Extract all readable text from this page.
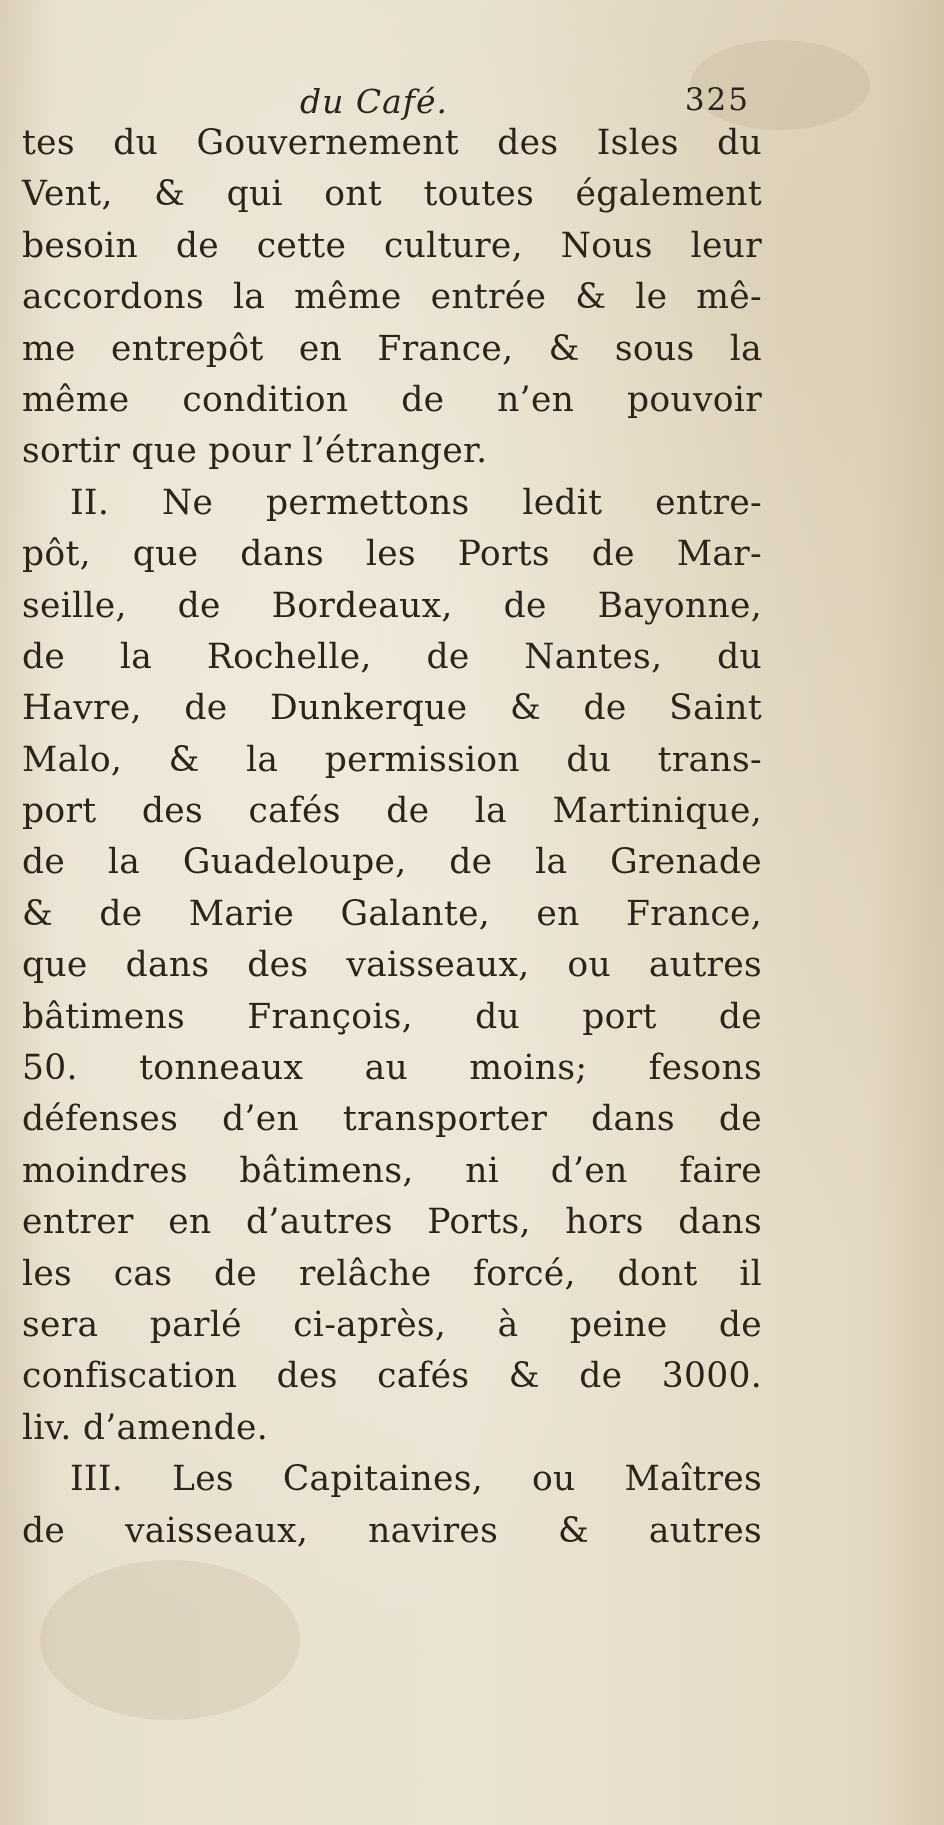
du Café.	325
tes du Gouvernement des Isles du
Vent, & qui ont toutes également
besoin de cette culture, Nous leur
accordons la même entrée & le mê-
me entrepôt en France, & sous la
même condition de n’en pouvoir
sortir que pour l’étranger.
II. Ne permettons ledit entre-
pôt, que dans les Ports de Mar-
seille, de Bordeaux, de Bayonne,
de la Rochelle, de Nantes, du
Havre, de Dunkerque & de Saint
Malo, & la permission du trans-
port des cafés de la Martinique,
de la Guadeloupe, de la Grenade
& de Marie Galante, en France,
que dans des vaisseaux, ou autres
bâtimens François, du port de
50. tonneaux au moins; fesons
défenses d’en transporter dans de
moindres bâtimens, ni d’en faire
entrer en d’autres Ports, hors dans
les cas de relâche forcé, dont il
sera parlé ci-après, à peine de
confiscation des cafés & de 3000.
liv. d’amende.
III. Les Capitaines, ou Maîtres
de vaisseaux, navires & autres
